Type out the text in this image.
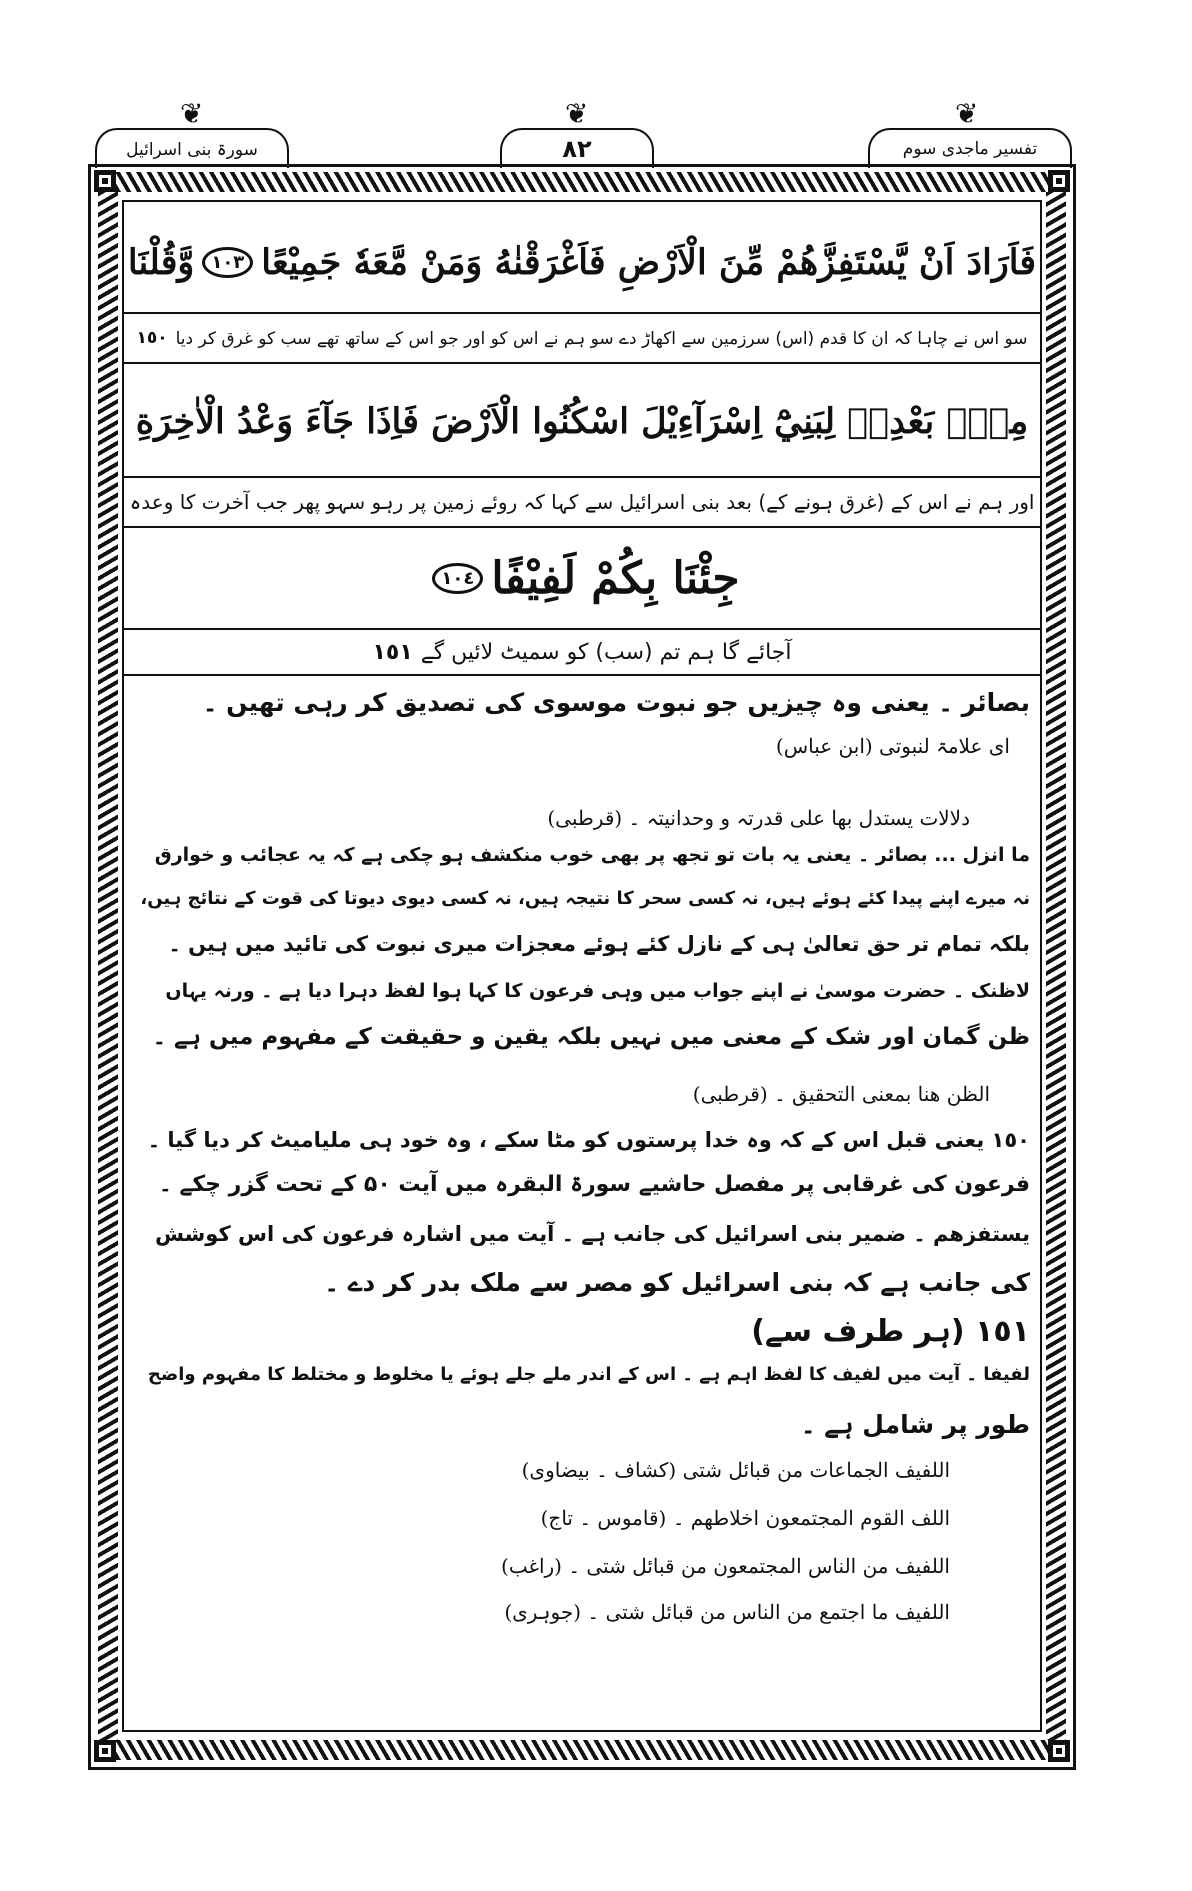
❦
سورۃ بنی اسرائیل
❦
٨٢
❦
تفسیر ماجدی سوم
فَاَرَادَ اَنْ يَّسْتَفِزَّهُمْ مِّنَ الْاَرْضِ فَاَغْرَقْنٰهُ وَمَنْ مَّعَهٗ جَمِيْعًا
١٠٣
وَّقُلْنَا
سو اس نے چاہا کہ ان کا قدم (اس) سرزمین سے اکھاڑ دے سو ہم نے اس کو اور جو اس کے ساتھ تھے سب کو غرق کر دیا
١٥٠
مِنْۢ بَعْدِهٖ لِبَنِيْٓ اِسْرَآءِيْلَ اسْكُنُوا الْاَرْضَ فَاِذَا جَآءَ وَعْدُ الْاٰخِرَةِ
اور ہم نے اس کے (غرق ہونے کے) بعد بنی اسرائیل سے کہا کہ روئے زمین پر رہو سہو پھر جب آخرت کا وعدہ
جِئْنَا بِكُمْ لَفِيْفًا
١٠٤
آجائے گا ہم تم (سب) کو سمیٹ لائیں گے
١٥١
بصائر ۔ یعنی وہ چیزیں جو نبوت موسوی کی تصدیق کر رہی تھیں ۔
ای علامۃ لنبوتی (ابن عباس)
دلالات یستدل بھا علی قدرتہ و وحدانیتہ ۔ (قرطبی)
ما انزل ... بصائر ۔ یعنی یہ بات تو تجھ پر بھی خوب منکشف ہو چکی ہے کہ یہ عجائب و خوارق
نہ میرے اپنے پیدا کئے ہوئے ہیں، نہ کسی سحر کا نتیجہ ہیں، نہ کسی دیوی دیوتا کی قوت کے نتائج ہیں،
بلکہ تمام تر حق تعالیٰ ہی کے نازل کئے ہوئے معجزات میری نبوت کی تائید میں ہیں ۔
لاظنک ۔ حضرت موسیٰ نے اپنے جواب میں وہی فرعون کا کہا ہوا لفظ دہرا دیا ہے ۔ ورنہ یہاں
ظن گمان اور شک کے معنی میں نہیں بلکہ یقین و حقیقت کے مفہوم میں ہے ۔
الظن ھنا بمعنی التحقیق ۔ (قرطبی)
١٥٠ یعنی قبل اس کے کہ وہ خدا پرستوں کو مٹا سکے ، وہ خود ہی ملیامیٹ کر دیا گیا ۔
فرعون کی غرقابی پر مفصل حاشیے سورۃ البقرہ میں آیت ۵۰ کے تحت گزر چکے ۔
یستفزھم ۔ ضمیر بنی اسرائیل کی جانب ہے ۔ آیت میں اشارہ فرعون کی اس کوشش
کی جانب ہے کہ بنی اسرائیل کو مصر سے ملک بدر کر دے ۔
١٥١ (ہر طرف سے)
لفیفا ۔ آیت میں لفیف کا لفظ اہم ہے ۔ اس کے اندر ملے جلے ہوئے یا مخلوط و مختلط کا مفہوم واضح
طور پر شامل ہے ۔
اللفیف الجماعات من قبائل شتی (کشاف ۔ بیضاوی)
اللف القوم المجتمعون اخلاطھم ۔ (قاموس ۔ تاج)
اللفیف من الناس المجتمعون من قبائل شتی ۔ (راغب)
اللفیف ما اجتمع من الناس من قبائل شتی ۔ (جوہری)
